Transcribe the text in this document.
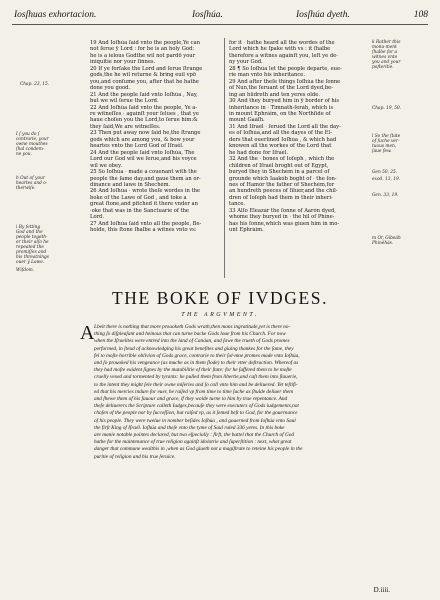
Iosſhuas exhortacion.	Iosſhúa.	Iosſhúa dyeth.	108
Chap. 23, 15.
I ſ you do ſ
contrarie, your
owne mouthes
ſhal condem-
ne you.
h Out of your
heartes and o-
therwiſe.
i By ſetting
God and the
people togeth-
er their alſo he
repeated the
promiſſes and
his threatnings
ouer ÿ Lawe.
Wiſdom.

19 And Ioſhúa ſaid vnto the people,Ye can

not ſerue ÿ Lord : for he is an holy God:

he is a ielous Godthe wil not pardō your

iniquitie nor your ſinnes.

20 If ye forſake the Lord and ſerue ſtrange

gods,the he wil returne & bring euil vpō

you,and conſume you, after that he hathe

done you good.

21 And the people ſaid vnto Ioſhúa , Nay,

but we wil ſerue the Lord.

22 And Ioſhúa ſaid vnto the people, Ye a-

re witneſſes ‧ againſt your ſelues , that ye

haue choſen you the Lord,to ſerue him:&

they ſaid,We are witneſſes.

23 Then put away now ſaid he,the ſtrange

gods which are among you, & bow your

heartes vnto the Lord God of Iſraél.

24 And the people ſaid vnto Ioſhúa, The

Lord our God wil we ſerue,and his voyce

wil we obey.

25 So Ioſhúa ‧ made a couenant with the

people the ſame day,and gaue them an or-

dinance and lawe in Shechém.

26 And Ioſhúa ‧ wrote theſe wordes in the

boke of the Lawe of God , and toke a

great ſtone,and pitched it there vnder an

‧oke that was in the Sanctuarie of the

Lord.

27 And Ioſhúa ſaid vnto all the people, Be-

holde, this ſtone ſhalbe a witnes vnto vs:

for it ‧ hathe heard all the wordes of the

Lord which he ſpake with vs : it ſhalbe

therefore a witnes againſt you, leſt ye de-

ny your God.

28 ¶ So Ioſhúa let the people departe, eue-

rie man vnto his inheritance.

29 And after theſe things Ioſhúa the ſonne

of Nun,the ſeruant of the Lord dyed,be-

ing an hūdreth and ten yeres olde.

30 And they buryed him in ÿ border of his

inheritance in ‧ Timnath-ſeráh, which is

in mount Ephráim, on the Northſide of

mount Gaáſh.

31 And Iſraél ‧ ſerued the Lord all the day-

es of Ioſhúa,and all the dayes of the El-

ders that ouerlined Ioſhúa , & which had

knowen all the workes of the Lord that

he had done for Iſraél.

32 And the ‧ bones of Ioſeph , which the

children of Iſraél broght out of Egypt,

buryed they in Shechém in a parcel of

grounde which Iaakób boght of ‧ the ſon-

nes of Hamór the father of Shechém,for

an hundreth peeces of ſiluer,and the chil-

dren of Ioſeph had them in their inheri-

tance.

33 Alſo Eleazár the ſonne of Aarón dyed,

whome they buryed in ‧ the hil of Phine-

has his ſonne,which was giuen him in mo-

unt Ephráim.

k Rather this
monu-ment
ſhalbe for a
witnes vnto
you and your
poſteritie.
Chap. 19, 50.
l So the ſtate
of ſuche ver-
tuous men,
ſaue few.
Gen 50, 25.
exod. 13, 19.
Gen. 33, 19.
m Or, Gibeáh
Phinéhás.
THE BOKE OF IVDGES.
THE ARGVMENT.
A Lbeit there is nothing that more prouoketh Gods wrath,then mans ingratitude,yet is there no-

thing ſo diſpleaſant and heinous that can turne backe Gods loue from his Church. For now

when the Iſraelites were entred into the land of Canáan, and ſawe the trueth of Gods promes

performed, in ſtead of acknowledging his great benefites and giuing thankes for the ſame, they

fel to moſte horrible oblivion of Gods grace, contrarie to their ſol-mne promes made vnto Ioſhúa,

and ſo prouoked his vengeance (as muche as in them ſlode) to their vtter deſtruction. Whereof as

they had moſte euident ſignes by the mutabilitie of their ſtate: for he ſuffered them to be moſte

cruelly vexed and tormented by tyrants: he pulled them from libertie,and caſt them into ſlauerie,

to the intent they might ſele their owne miſeries and ſo call vnto him and be deliuered. Yet teſtifi-

ed that his mercies indure for euer, he raiſed vp from time to time ſuche as ſhulde deliuer them

and ſhewe them of his fauour and grace, if they wolde turne to him by true repentance. And

theſe deliuerers the Scripture calleth Iudges,becauſe they were executers of Gods iudgements,not

choſen of the people nor by ſucceſſion, but raiſed vp, as it ſemed beſt to God, for the gouernance

of his people. They were twelue in nomber beſides Ioſhúa , and gouerned from Ioſhúa vnto Saul

the firſt King of Iſraél. Ioſhúa and theſe vnto the tyme of Saul ruled 336 yeres. In this boke

are manie notable pointes declared, but two eſpecially : firſt, the battel that the Church of God

hathe for the maintenance of true religion againſt idolatrie and ſuperſtition : next, what great

danger that commune wealthis in ,when as God giueth not a magiſtrate to reteine his people in the

puritie of religion and his true ſeruice.

D.iiii.
